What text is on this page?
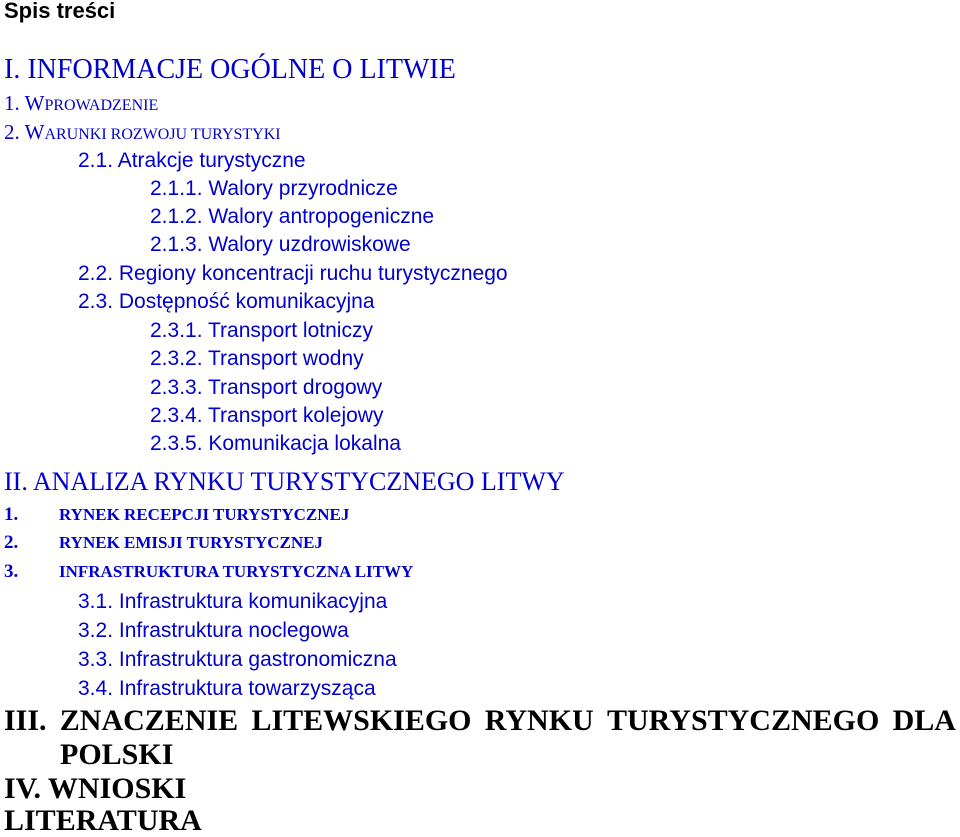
Spis treści
I. INFORMACJE OGÓLNE O LITWIE
1. WPROWADZENIE
2. WARUNKI ROZWOJU TURYSTYKI
2.1. Atrakcje turystyczne
2.1.1. Walory przyrodnicze
2.1.2. Walory antropogeniczne
2.1.3. Walory uzdrowiskowe
2.2. Regiony koncentracji ruchu turystycznego
2.3. Dostępność komunikacyjna
2.3.1. Transport lotniczy
2.3.2. Transport wodny
2.3.3. Transport drogowy
2.3.4. Transport kolejowy
2.3.5. Komunikacja lokalna
II. ANALIZA RYNKU TURYSTYCZNEGO LITWY
1. RYNEK RECEPCJI TURYSTYCZNEJ
2. RYNEK EMISJI TURYSTYCZNEJ
3. INFRASTRUKTURA TURYSTYCZNA LITWY
3.1. Infrastruktura komunikacyjna
3.2. Infrastruktura noclegowa
3.3. Infrastruktura gastronomiczna
3.4. Infrastruktura towarzysząca
III. ZNACZENIE LITEWSKIEGO RYNKU TURYSTYCZNEGO DLA
POLSKI
IV. WNIOSKI
LITERATURA
